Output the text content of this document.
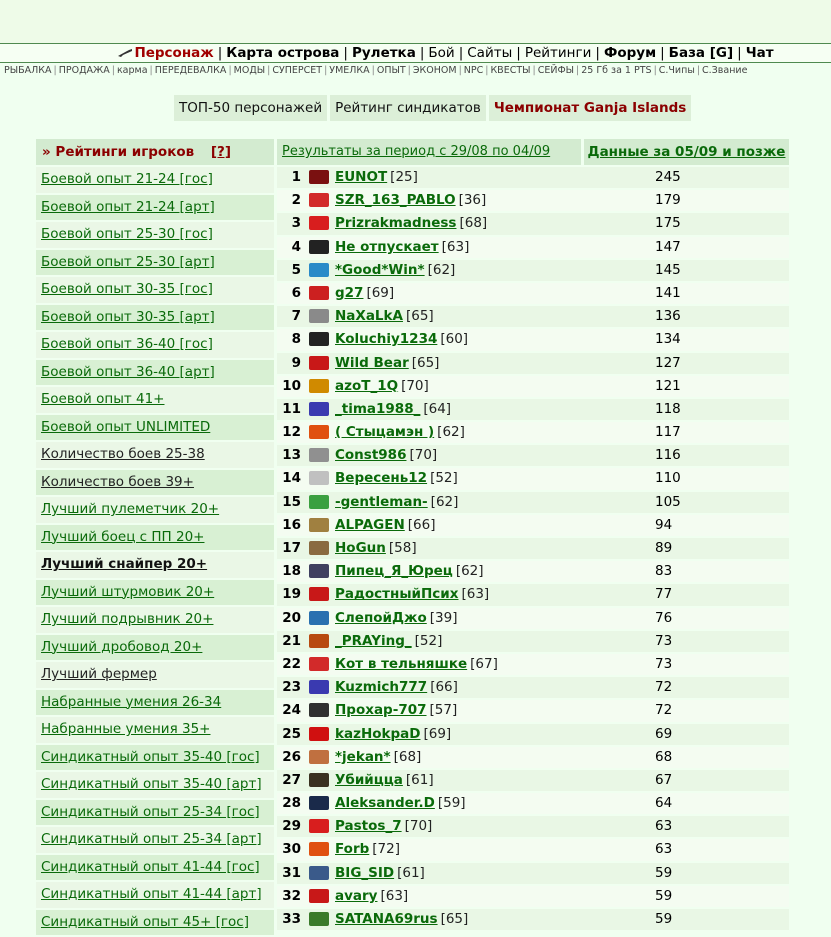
Персонаж | Карта острова | Рулетка | Бой | Сайты | Рейтинги | Форум | База [G] | Чат
РЫБАЛКА | ПРОДАЖА | карма | ПЕРЕДЕВАЛКА | МОДЫ | СУПЕРСЕТ | УМЕЛКА | ОПЫТ | ЭКОНОМ | NPC | КВЕСТЫ | СЕЙФЫ | 25 Гб за 1 PTS | С.Чипы | С.Звание
ТОП-50 персонажей Рейтинг синдикатов Чемпионат Ganja Islands
» Рейтинги игроков [?]
Боевой опыт 21-24 [гос]
Боевой опыт 21-24 [арт]
Боевой опыт 25-30 [гос]
Боевой опыт 25-30 [арт]
Боевой опыт 30-35 [гос]
Боевой опыт 30-35 [арт]
Боевой опыт 36-40 [гос]
Боевой опыт 36-40 [арт]
Боевой опыт 41+
Боевой опыт UNLIMITED
Количество боев 25-38
Количество боев 39+
Лучший пулеметчик 20+
Лучший боец с ПП 20+
Лучший снайпер 20+
Лучший штурмовик 20+
Лучший подрывник 20+
Лучший дробовод 20+
Лучший фермер
Набранные умения 26-34
Набранные умения 35+
Синдикатный опыт 35-40 [гос]
Синдикатный опыт 35-40 [арт]
Синдикатный опыт 25-34 [гос]
Синдикатный опыт 25-34 [арт]
Синдикатный опыт 41-44 [гос]
Синдикатный опыт 41-44 [арт]
Синдикатный опыт 45+ [гос]
Результаты за период с 29/08 по 04/09	Данные за 05/09 и позже
1	EUNOT [25]	245
2	SZR_163_PABLO [36]	179
3	Prizrakmadness [68]	175
4	Не отпускает [63]	147
5	*Good*Win* [62]	145
6	g27 [69]	141
7	NaXaLkA [65]	136
8	Koluchiy1234 [60]	134
9	Wild Bear [65]	127
10	azoT_1Q [70]	121
11	_tima1988_ [64]	118
12	( Стыцамэн ) [62]	117
13	Const986 [70]	116
14	Вересень12 [52]	110
15	-gentleman- [62]	105
16	ALPAGEN [66]	94
17	HoGun [58]	89
18	Пипец_Я_Юрец [62]	83
19	РадостныйПсих [63]	77
20	СлепойДжо [39]	76
21	_PRAYing_ [52]	73
22	Кот в тельняшке [67]	73
23	Kuzmich777 [66]	72
24	Прохар-707 [57]	72
25	kazHokpaD [69]	69
26	*jekan* [68]	68
27	Убийцца [61]	67
28	Aleksander.D [59]	64
29	Pastos_7 [70]	63
30	Forb [72]	63
31	BIG_SID [61]	59
32	avary [63]	59
33	SATANA69rus [65]	59
